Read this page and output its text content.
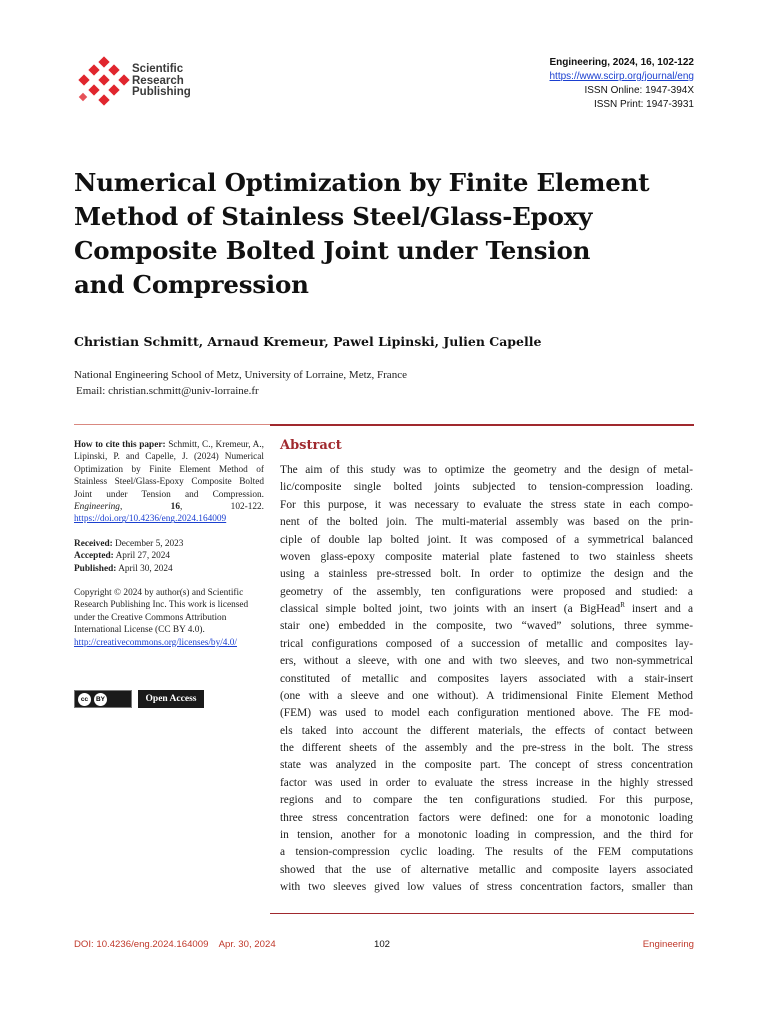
Scientific
Research
Publishing
Engineering, 2024, 16, 102-122
https://www.scirp.org/journal/eng
ISSN Online: 1947-394X
ISSN Print: 1947-3931
Numerical Optimization by Finite Element
Method of Stainless Steel/Glass-Epoxy
Composite Bolted Joint under Tension
and Compression
Christian Schmitt, Arnaud Kremeur, Pawel Lipinski, Julien Capelle
National Engineering School of Metz, University of Lorraine, Metz, France
Email: christian.schmitt@univ-lorraine.fr

How to cite this paper: Schmitt, C., Kremeur, A., Lipinski, P. and Capelle, J. (2024) Numerical Optimization by Finite Element Method of Stainless Steel/Glass-Epoxy Composite Bolted Joint under Tension and Compression. Engineering, 16, 102-122. https://doi.org/10.4236/eng.2024.164009

Received: December 5, 2023
Accepted: April 27, 2024
Published: April 30, 2024

Copyright © 2024 by author(s) and Scientific Research Publishing Inc. This work is licensed under the Creative Commons Attribution International License (CC BY 4.0).
http://creativecommons.org/licenses/by/4.0/

cc	BY	Open Access
Abstract
The aim of this study was to optimize the geometry and the design of metal-
lic/composite single bolted joints subjected to tension-compression loading.
For this purpose, it was necessary to evaluate the stress state in each compo-
nent of the bolted join. The multi-material assembly was based on the prin-
ciple of double lap bolted joint. It was composed of a symmetrical balanced
woven glass-epoxy composite material plate fastened to two stainless sheets
using a stainless pre-stressed bolt. In order to optimize the design and the
geometry of the assembly, ten configurations were proposed and studied: a
classical simple bolted joint, two joints with an insert (a BigHead$^R$ insert and a
stair one) embedded in the composite, two “waved” solutions, three symme-
trical configurations composed of a succession of metallic and composites lay-
ers, without a sleeve, with one and with two sleeves, and two non-symmetrical
constituted of metallic and composites layers associated with a stair-insert
(one with a sleeve and one without). A tridimensional Finite Element Method
(FEM) was used to model each configuration mentioned above. The FE mod-
els taked into account the different materials, the effects of contact between
the different sheets of the assembly and the pre-stress in the bolt. The stress
state was analyzed in the composite part. The concept of stress concentration
factor was used in order to evaluate the stress increase in the highly stressed
regions and to compare the ten configurations studied. For this purpose,
three stress concentration factors were defined: one for a monotonic loading
in tension, another for a monotonic loading in compression, and the third for
a tension-compression cyclic loading. The results of the FEM computations
showed that the use of alternative metallic and composite layers associated
with two sleeves gived low values of stress concentration factors, smaller than
DOI: 10.4236/eng.2024.164009 Apr. 30, 2024	102	Engineering
